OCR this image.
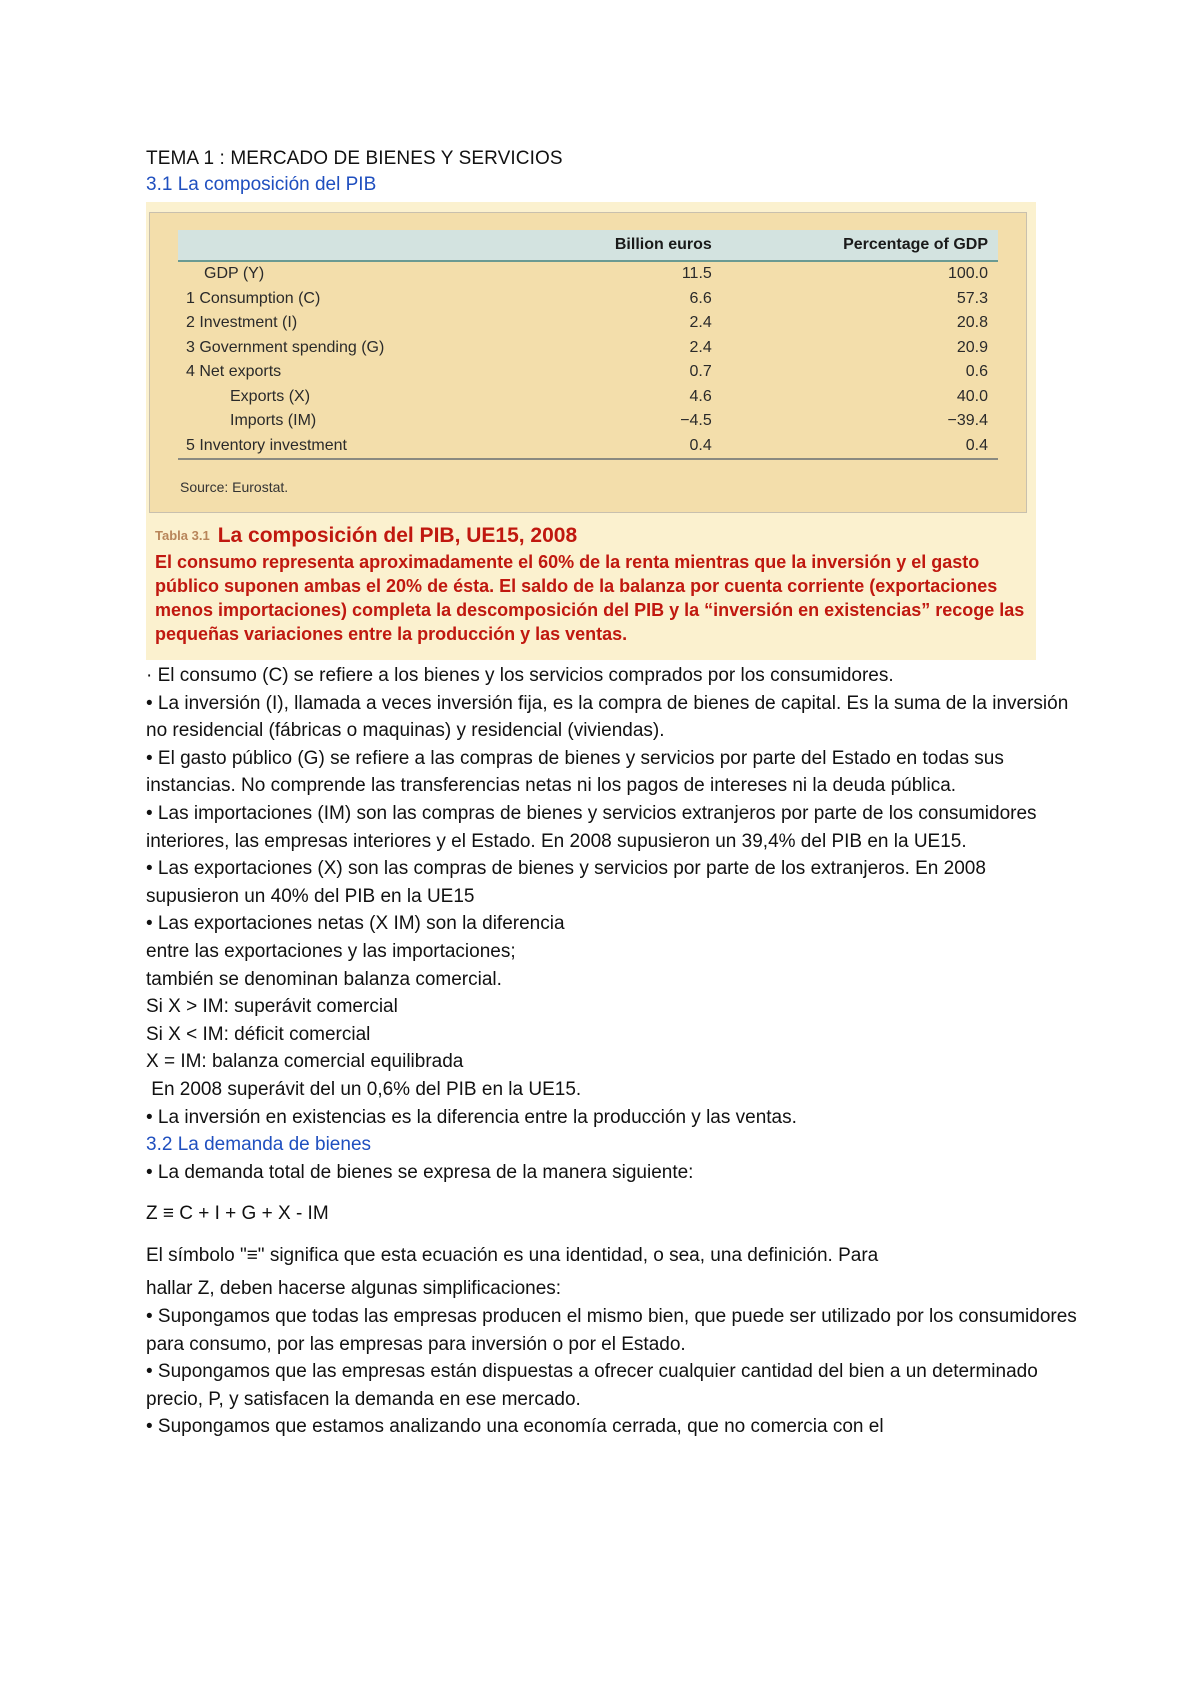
TEMA 1 : MERCADO DE BIENES Y SERVICIOS
3.1 La composición del PIB
	Billion euros	Percentage of GDP
GDP (Y)	11.5	100.0
1 Consumption (C)	6.6	57.3
2 Investment (I)	2.4	20.8
3 Government spending (G)	2.4	20.9
4 Net exports	0.7	0.6
Exports (X)	4.6	40.0
Imports (IM)	−4.5	−39.4
5 Inventory investment	0.4	0.4
Source: Eurostat.
Tabla 3.1 La composición del PIB, UE15, 2008
El consumo representa aproximadamente el 60% de la renta mientras que la inversión y el gasto público suponen ambas el 20% de ésta. El saldo de la balanza por cuenta corriente (exportaciones menos importaciones) completa la descomposición del PIB y la “inversión en existencias” recoge las pequeñas variaciones entre la producción y las ventas.

· El consumo (C) se refiere a los bienes y los servicios comprados por los consumidores.

• La inversión (I), llamada a veces inversión fija, es la compra de bienes de capital. Es la suma de la inversión no residencial (fábricas o maquinas) y residencial (viviendas).

• El gasto público (G) se refiere a las compras de bienes y servicios por parte del Estado en todas sus instancias. No comprende las transferencias netas ni los pagos de intereses ni la deuda pública.

• Las importaciones (IM) son las compras de bienes y servicios extranjeros por parte de los consumidores interiores, las empresas interiores y el Estado. En 2008 supusieron un 39,4% del PIB en la UE15.

• Las exportaciones (X) son las compras de bienes y servicios por parte de los extranjeros. En 2008 supusieron un 40% del PIB en la UE15

• Las exportaciones netas (X IM) son la diferencia

entre las exportaciones y las importaciones;

también se denominan balanza comercial.

Si X > IM: superávit comercial

Si X < IM: déficit comercial

X = IM: balanza comercial equilibrada

En 2008 superávit del un 0,6% del PIB en la UE15.

• La inversión en existencias es la diferencia entre la producción y las ventas.

3.2 La demanda de bienes

• La demanda total de bienes se expresa de la manera siguiente:

Z ≡ C + I + G + X - IM

El símbolo "≡" significa que esta ecuación es una identidad, o sea, una definición. Para

hallar Z, deben hacerse algunas simplificaciones:

• Supongamos que todas las empresas producen el mismo bien, que puede ser utilizado por los consumidores para consumo, por las empresas para inversión o por el Estado.

• Supongamos que las empresas están dispuestas a ofrecer cualquier cantidad del bien a un determinado precio, P, y satisfacen la demanda en ese mercado.

• Supongamos que estamos analizando una economía cerrada, que no comercia con el
